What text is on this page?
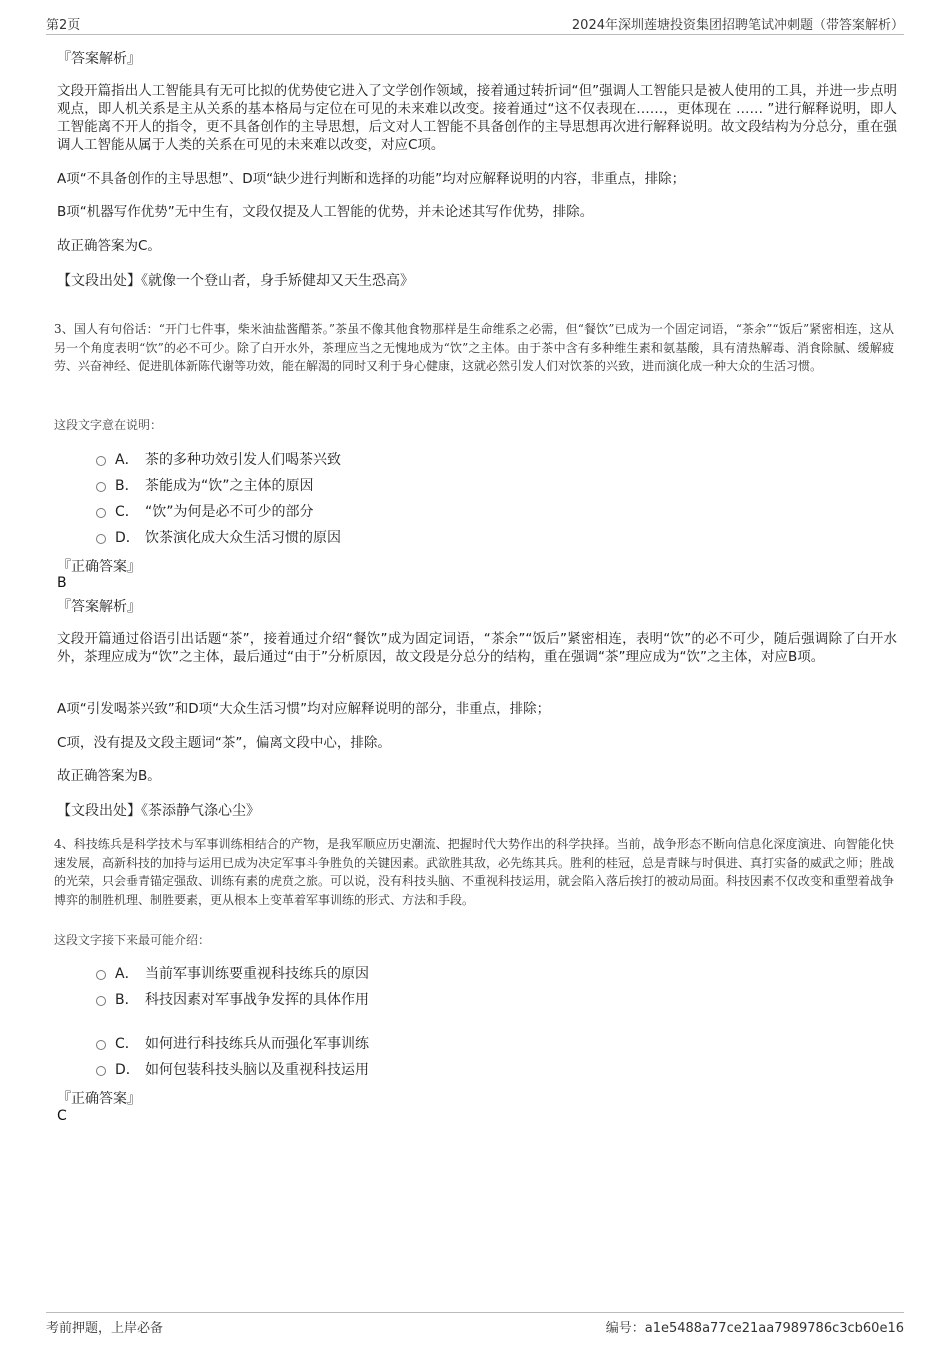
第2页	2024年深圳莲塘投资集团招聘笔试冲刺题（带答案解析）
『答案解析』
文段开篇指出人工智能具有无可比拟的优势使它进入了文学创作领域，接着通过转折词“但”强调人工智能只是被人使用的工具，并进一步点明观点，即人机关系是主从关系的基本格局与定位在可见的未来难以改变。接着通过“这不仅表现在……，更体现在 …… ”进行解释说明，即人工智能离不开人的指令，更不具备创作的主导思想，后文对人工智能不具备创作的主导思想再次进行解释说明。故文段结构为分总分，重在强调人工智能从属于人类的关系在可见的未来难以改变，对应C项。
A项“不具备创作的主导思想”、D项“缺少进行判断和选择的功能”均对应解释说明的内容，非重点，排除；
B项“机器写作优势”无中生有，文段仅提及人工智能的优势，并未论述其写作优势，排除。
故正确答案为C。
【文段出处】《就像一个登山者，身手矫健却又天生恐高》
3、国人有句俗话：“开门七件事，柴米油盐酱醋茶。”茶虽不像其他食物那样是生命维系之必需，但“餐饮”已成为一个固定词语，“茶余”“饭后”紧密相连，这从另一个角度表明“饮”的必不可少。除了白开水外，茶理应当之无愧地成为“饮”之主体。由于茶中含有多种维生素和氨基酸，具有清热解毒、消食除腻、缓解疲劳、兴奋神经、促进肌体新陈代谢等功效，能在解渴的同时又利于身心健康，这就必然引发人们对饮茶的兴致，进而演化成一种大众的生活习惯。
这段文字意在说明：
A． 茶的多种功效引发人们喝茶兴致
B． 茶能成为“饮”之主体的原因
C． “饮”为何是必不可少的部分
D． 饮茶演化成大众生活习惯的原因
『正确答案』
B
『答案解析』
文段开篇通过俗语引出话题“茶”，接着通过介绍“餐饮”成为固定词语，“茶余”“饭后”紧密相连，表明“饮”的必不可少，随后强调除了白开水外，茶理应成为“饮”之主体，最后通过“由于”分析原因，故文段是分总分的结构，重在强调“茶”理应成为“饮”之主体，对应B项。
A项“引发喝茶兴致”和D项“大众生活习惯”均对应解释说明的部分，非重点，排除；
C项，没有提及文段主题词“茶”，偏离文段中心，排除。
故正确答案为B。
【文段出处】《茶添静气涤心尘》
4、科技练兵是科学技术与军事训练相结合的产物，是我军顺应历史潮流、把握时代大势作出的科学抉择。当前，战争形态不断向信息化深度演进、向智能化快速发展，高新科技的加持与运用已成为决定军事斗争胜负的关键因素。武欲胜其敌，必先练其兵。胜利的桂冠，总是青睐与时俱进、真打实备的威武之师；胜战的光荣，只会垂青锚定强敌、训练有素的虎贲之旅。可以说，没有科技头脑、不重视科技运用，就会陷入落后挨打的被动局面。科技因素不仅改变和重塑着战争博弈的制胜机理、制胜要素，更从根本上变革着军事训练的形式、方法和手段。
这段文字接下来最可能介绍：
A． 当前军事训练要重视科技练兵的原因
B． 科技因素对军事战争发挥的具体作用
C． 如何进行科技练兵从而强化军事训练
D． 如何包装科技头脑以及重视科技运用
『正确答案』
C
考前押题，上岸必备	编号：a1e5488a77ce21aa7989786c3cb60e16
